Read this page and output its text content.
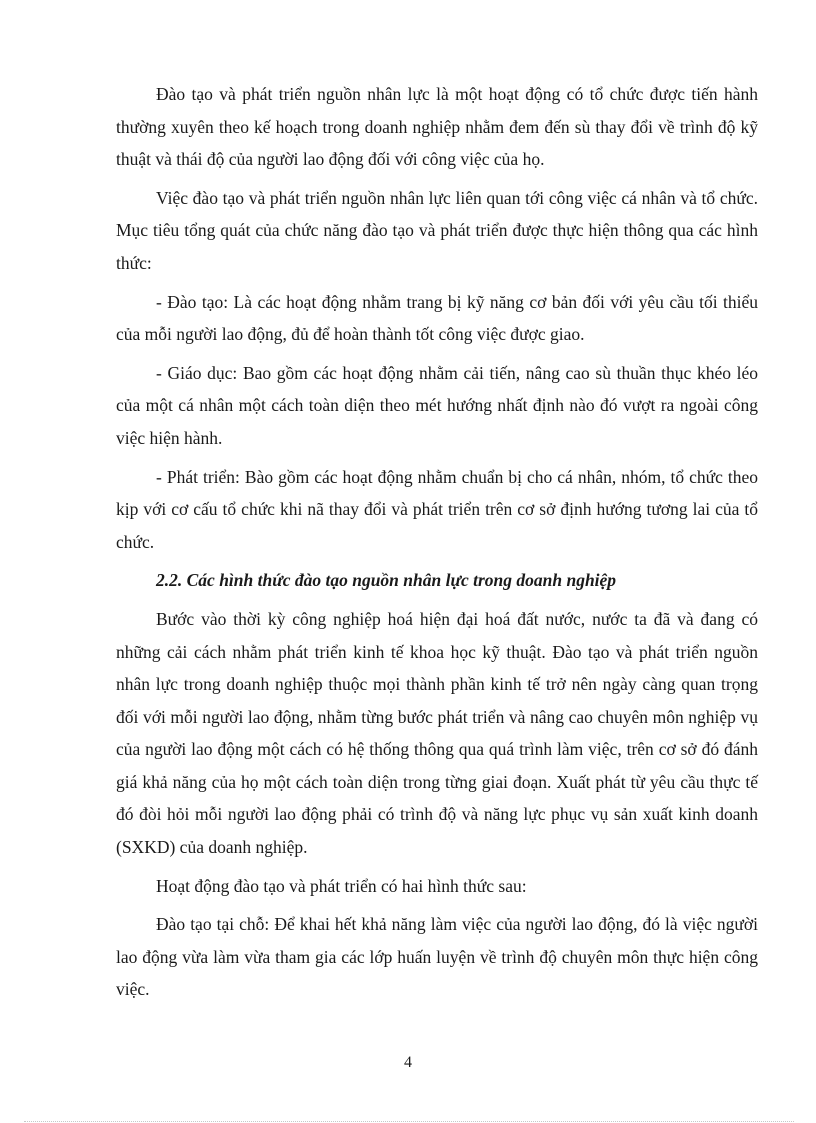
Đào tạo và phát triển nguồn nhân lực là một hoạt động có tổ chức được tiến hành thường xuyên theo kế hoạch trong doanh nghiệp nhằm đem đến sù thay đổi về trình độ kỹ thuật và thái độ của người lao động đối với công việc của họ.

Việc đào tạo và phát triển nguồn nhân lực liên quan tới công việc cá nhân và tổ chức. Mục tiêu tổng quát của chức năng đào tạo và phát triển được thực hiện thông qua các hình thức:

- Đào tạo: Là các hoạt động nhằm trang bị kỹ năng cơ bản đối với yêu cầu tối thiểu của mỗi người lao động, đủ để hoàn thành tốt công việc được giao.

- Giáo dục: Bao gồm các hoạt động nhằm cải tiến, nâng cao sù thuần thục khéo léo của một cá nhân một cách toàn diện theo mét hướng nhất định nào đó vượt ra ngoài công việc hiện hành.

- Phát triển: Bào gồm các hoạt động nhằm chuẩn bị cho cá nhân, nhóm, tổ chức theo kịp với cơ cấu tổ chức khi nã thay đổi và phát triển trên cơ sở định hướng tương lai của tổ chức.

2.2. Các hình thức đào tạo nguồn nhân lực trong doanh nghiệp

Bước vào thời kỳ công nghiệp hoá hiện đại hoá đất nước, nước ta đã và đang có những cải cách nhằm phát triển kinh tế khoa học kỹ thuật. Đào tạo và phát triển nguồn nhân lực trong doanh nghiệp thuộc mọi thành phần kinh tế trở nên ngày càng quan trọng đối với mỗi người lao động, nhằm từng bước phát triển và nâng cao chuyên môn nghiệp vụ của người lao động một cách có hệ thống thông qua quá trình làm việc, trên cơ sở đó đánh giá khả năng của họ một cách toàn diện trong từng giai đoạn. Xuất phát từ yêu cầu thực tế đó đòi hỏi mỗi người lao động phải có trình độ và năng lực phục vụ sản xuất kinh doanh (SXKD) của doanh nghiệp.

Hoạt động đào tạo và phát triển có hai hình thức sau:

Đào tạo tại chỗ: Để khai hết khả năng làm việc của người lao động, đó là việc người lao động vừa làm vừa tham gia các lớp huấn luyện về trình độ chuyên môn thực hiện công việc.

4
